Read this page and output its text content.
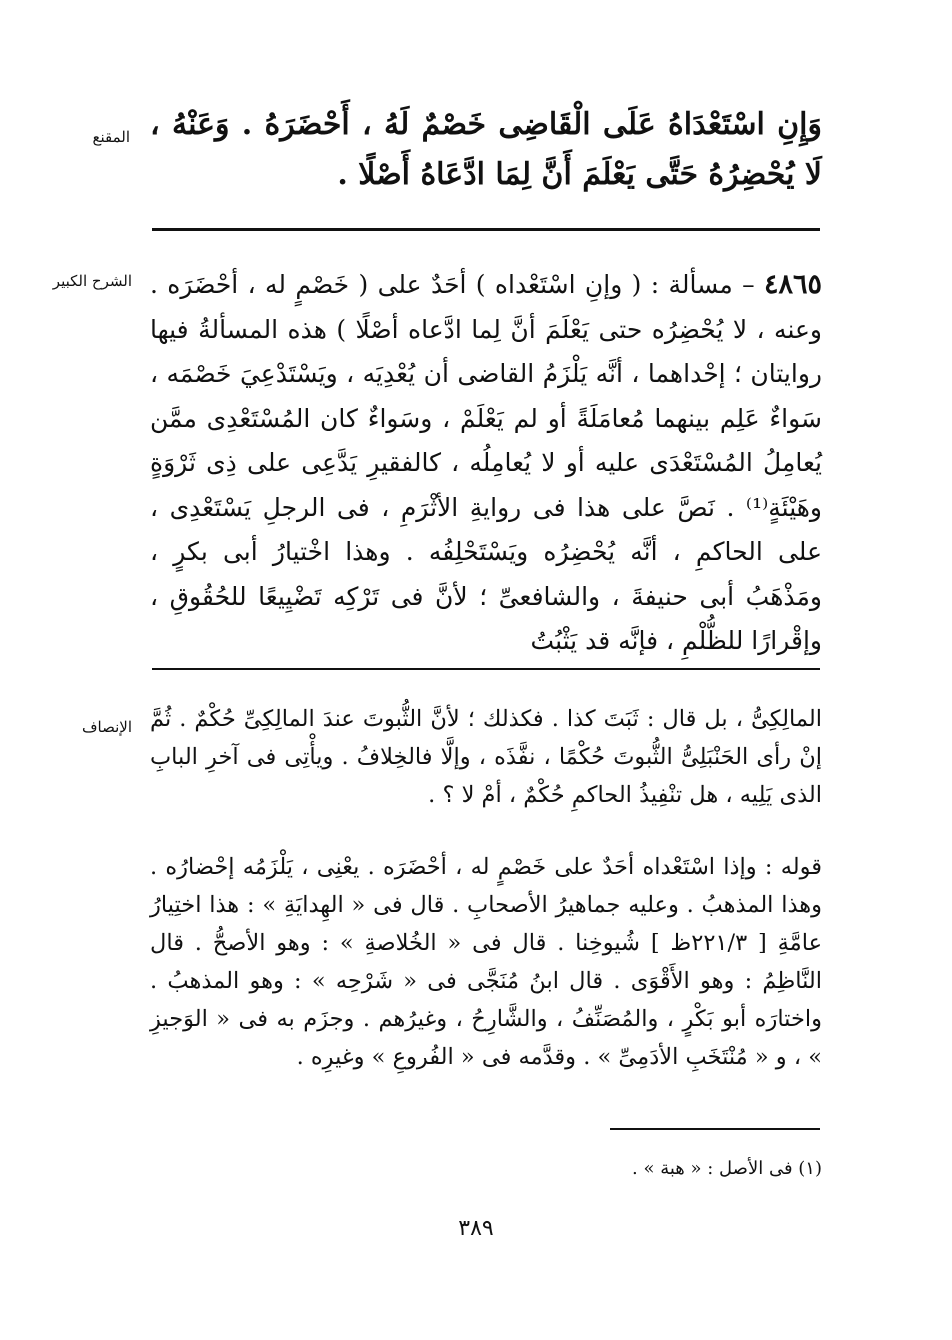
المقنع وَإِنِ اسْتَعْدَاهُ عَلَى الْقَاضِى خَصْمٌ لَهُ ، أَحْضَرَهُ . وَعَنْهُ ، لَا يُحْضِرُهُ حَتَّى يَعْلَمَ أَنَّ لِمَا ادَّعَاهُ أَصْلًا .
الشرح الكبير	٤٨٦٥ – مسألة : ( وإنِ اسْتَعْداه ) أحَدٌ على ( خَصْمٍ له ، أحْضَرَه . وعنه ، لا يُحْضِرُه حتى يَعْلَمَ أنَّ لِما ادَّعاه أصْلًا ) هذه المسألةُ فيها روايتان ؛ إحْداهما ، أنَّه يَلْزَمُ القاضى أن يُعْدِيَه ، ويَسْتَدْعِيَ خَصْمَه ، سَواءٌ عَلِم بينهما مُعامَلَةً أو لم يَعْلَمْ ، وسَواءٌ كان المُسْتَعْدِى ممَّن يُعامِلُ المُسْتَعْدَى عليه أو لا يُعامِلُه ، كالفقيرِ يَدَّعِى على ذِى ثَرْوَةٍ وهَيْئَةٍ⁽¹⁾ . نَصَّ على هذا فى روايةِ الأثْرَمِ ، فى الرجلِ يَسْتَعْدِى ، على الحاكمِ ، أنَّه يُحْضِرُه ويَسْتَحْلِفُه . وهذا اخْتيارُ أبى بكرٍ ، ومَذْهَبُ أبى حنيفةَ ، والشافعىِّ ؛ لأنَّ فى تَرْكِه تَضْيِيعًا للحُقُوقِ ، وإقْرارًا للظُّلْمِ ، فإنَّه قد يَثْبُتُ
الإنصاف المالِكِىُّ ، بل قال : ثَبَتَ كذا . فكذلك ؛ لأنَّ الثُّبوتَ عندَ المالِكِىِّ حُكْمٌ . ثُمَّ إنْ رأى الحَنْبَلِىُّ الثُّبوتَ حُكْمًا ، نفَّذَه ، وإلَّا فالخِلافُ . ويأْتِى فى آخرِ البابِ الذى يَلِيه ، هل تنْفِيذُ الحاكمِ حُكْمٌ ، أمْ لا ؟ .
قوله : وإذا اسْتَعْداه أحَدٌ على خَصْمٍ له ، أحْضَرَه . يعْنِى ، يَلْزَمُه إحْضارُه . وهذا المذهبُ . وعليه جماهيرُ الأصحابِ . قال فى « الهِدايَةِ » : هذا اختِيارُ عامَّةِ [ ٢٢١/٣ظ ] شُيوخِنا . قال فى « الخُلاصةِ » : وهو الأصحُّ . قال النَّاظِمُ : وهو الأَقْوَى . قال ابنُ مُنَجَّى فى « شَرْحِه » : وهو المذهبُ . واختارَه أبو بَكْرٍ ، والمُصَنِّفُ ، والشَّارِحُ ، وغيرُهم . وجزَم به فى « الوَجيزِ » ، و « مُنْتَخَبِ الأدَمِىِّ » . وقدَّمه فى « الفُروعِ » وغيرِه .
(١) فى الأصل : « هبة » .
٣٨٩
